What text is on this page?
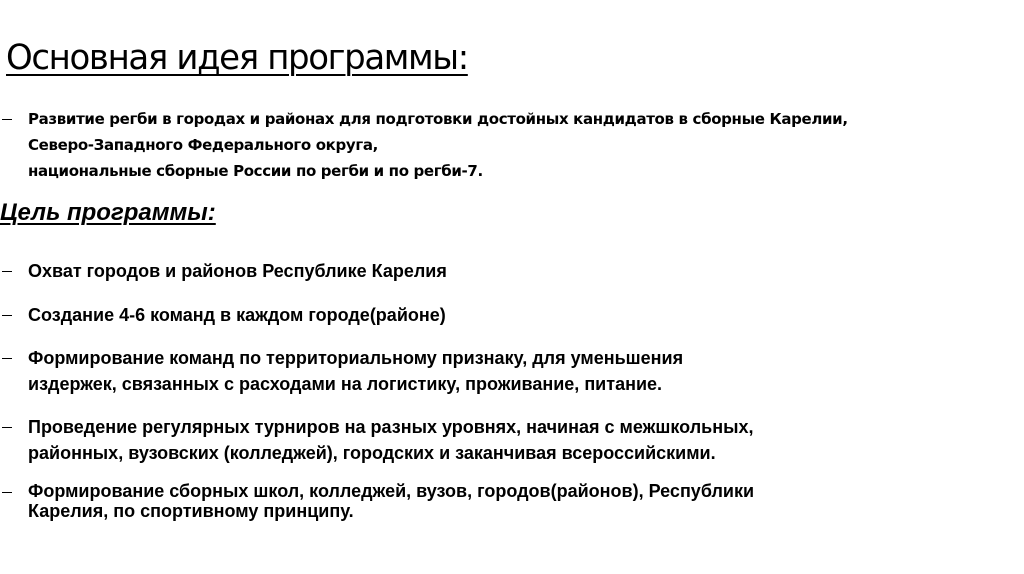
Основная идея программы:
Развитие регби в городах и районах для подготовки достойных кандидатов в сборные Карелии,
Северо-Западного Федерального округа,
национальные сборные России по регби и по регби-7.
Цель программы:
Охват городов и районов Республике Карелия
Создание 4-6 команд в каждом городе(районе)
Формирование команд по территориальному признаку, для уменьшения
издержек, связанных с расходами на логистику, проживание, питание.
Проведение регулярных турниров на разных уровнях, начиная с межшкольных,
районных, вузовских (колледжей), городских и заканчивая всероссийскими.
Формирование сборных школ, колледжей, вузов, городов(районов), Республики
Карелия, по спортивному принципу.
